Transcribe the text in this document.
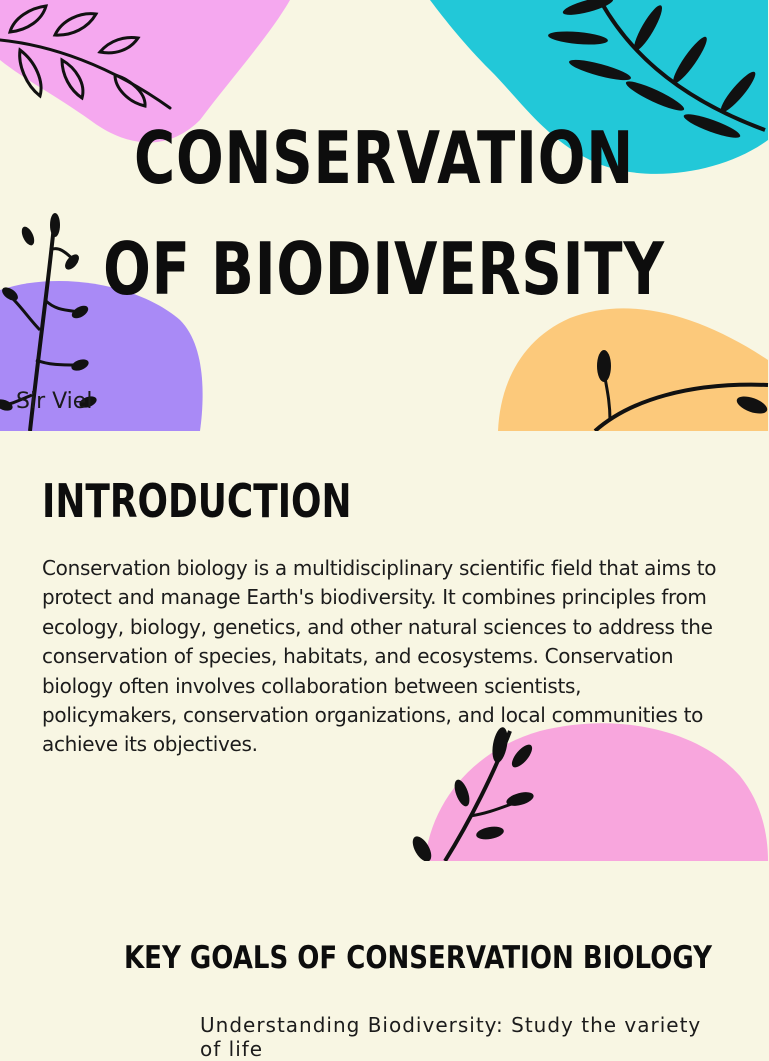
CONSERVATION
OF BIODIVERSITY
Sir Viel
INTRODUCTION

Conservation biology is a multidisciplinary scientific field that aims to protect and manage Earth's biodiversity. It combines principles from ecology, biology, genetics, and other natural sciences to address the conservation of species, habitats, and ecosystems. Conservation biology often involves collaboration between scientists, policymakers, conservation organizations, and local communities to achieve its objectives.

KEY GOALS OF CONSERVATION BIOLOGY
Understanding Biodiversity: Study the variety of life
